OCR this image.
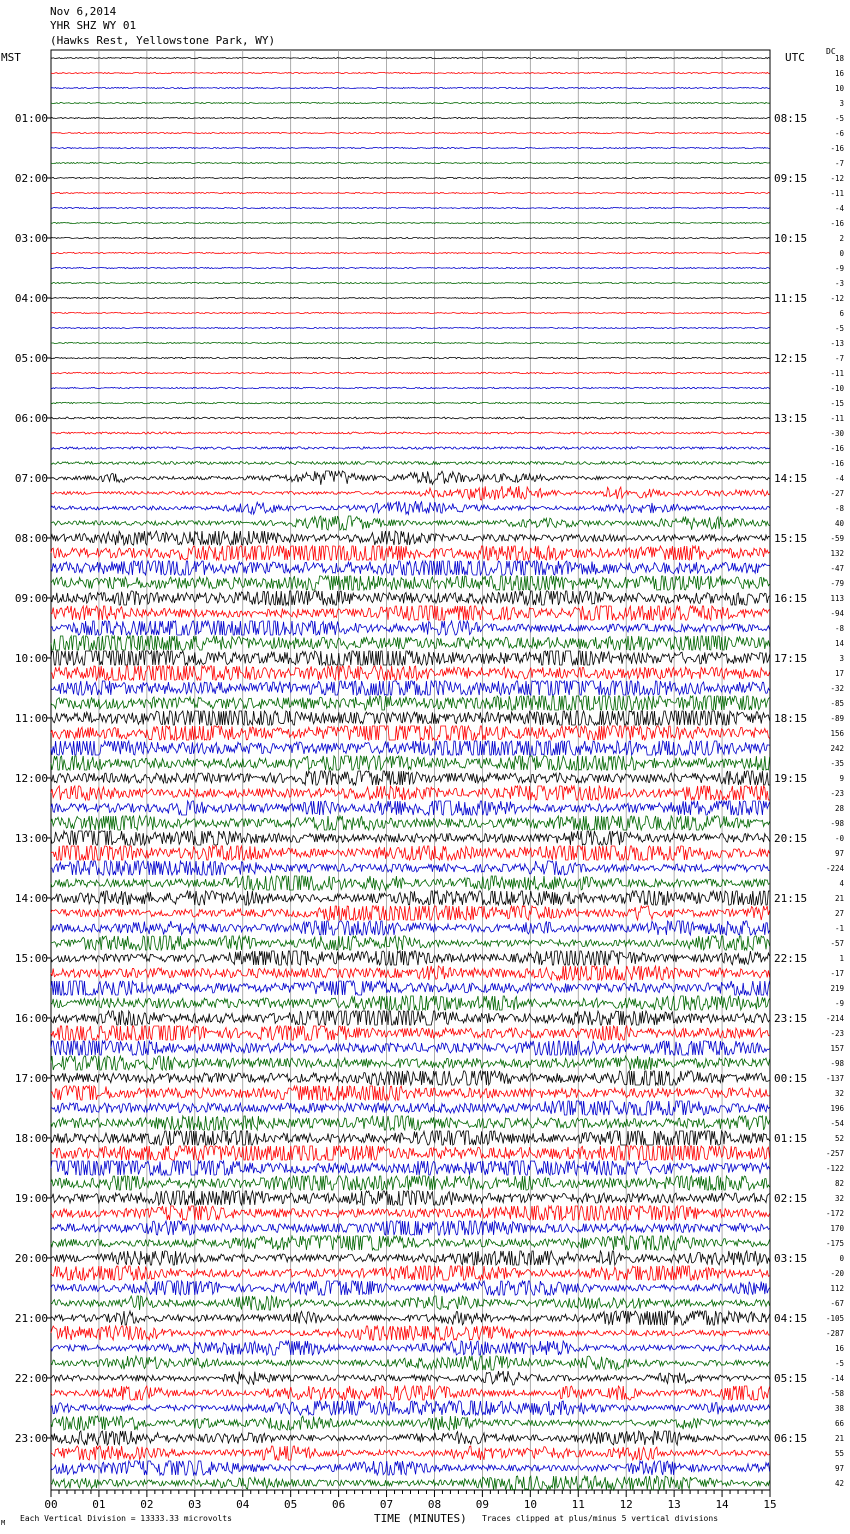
Nov 6,2014
YHR SHZ WY 01
(Hawks Rest, Yellowstone Park, WY)
MST	UTC	DC
18
16
10
3
-5
-6
-16
-7
-12
-11
-4
-16
2
0
-9
-3
-12
6
-5
-13
-7
-11
-10
-15
-11
-30
-16
-16
-4
-27
-8
40
-59
132
-47
-79
113
-94
-8
14
3
17
-32
-85
-89
156
242
-35
9
-23
28
-98
-0
97
-224
4
21
27
-1
-57
1
-17
219
-9
-214
-23
157
-98
-137
32
196
-54
52
-257
-122
82
32
-172
170
-175
0
-20
112
-67
-105
-287
16
-5
-14
-58
38
66
21
55
97
42
01:00	08:15
02:00	09:15
03:00	10:15
04:00	11:15
05:00	12:15
06:00	13:15
07:00	14:15
08:00	15:15
09:00	16:15
10:00	17:15
11:00	18:15
12:00	19:15
13:00	20:15
14:00	21:15
15:00	22:15
16:00	23:15
17:00	00:15
18:00	01:15
19:00	02:15
20:00	03:15
21:00	04:15
22:00	05:15
23:00	06:15
00	01	02	03	04	05	06	07	08	09	10	11	12	13	14	15
TIME (MINUTES)
M Each Vertical Division = 13333.33 microvolts	Traces clipped at plus/minus 5 vertical divisions
